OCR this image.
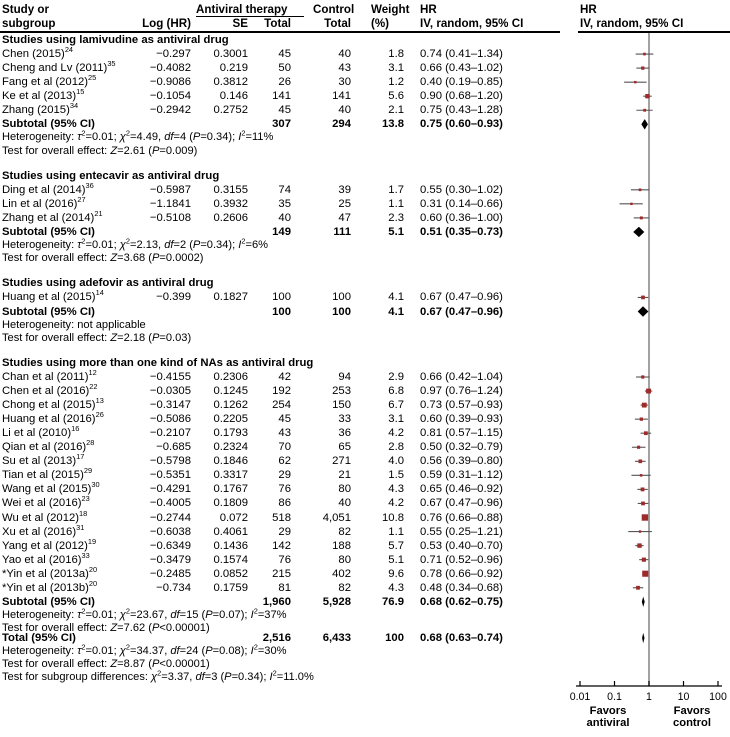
Study or
subgroup	Log (HR)
Antiviral therapy
SE	Total
Control
Total
Weight
(%)
HR
IV, random, 95% CI
HR
IV, random, 95% CI
Studies using lamivudine as antiviral drug
Chen $(2015)^{24}$	−0.297	0.3001	45	40	1.8 0.74 (0.41–1.34)
Cheng and Lv $(2011)^{35}$	−0.4082	0.219	50	43	3.1 0.66 (0.43–1.02)
Fang et al $(2012)^{25}$	−0.9086	0.3812	26	30	1.2 0.40 (0.19–0.85)
Ke et al $(2013)^{15}$	−0.1054	0.146	141	141	5.6 0.90 (0.68–1.20)
Zhang $(2015)^{34}$	−0.2942	0.2752	45	40	2.1 0.75 (0.43–1.28)
Subtotal (95% CI)	307	294	13.8 0.75 (0.60–0.93)
Heterogeneity: $\tau^2=0.01$; $\chi^2=4.49$, df=4 (P=0.34); $I^2=11\%$
Test for overall effect: Z=2.61 (P=0.009)
Studies using entecavir as antiviral drug
Ding et al $(2014)^{36}$	−0.5987	0.3155	74	39	1.7 0.55 (0.30–1.02)
Lin et al $(2016)^{27}$	−1.1841	0.3932	35	25	1.1 0.31 (0.14–0.66)
Zhang et al $(2014)^{21}$	−0.5108	0.2606	40	47	2.3 0.60 (0.36–1.00)
Subtotal (95% CI)	149	111	5.1 0.51 (0.35–0.73)
Heterogeneity: $\tau^2=0.01$; $\chi^2=2.13$, df=2 (P=0.34); $I^2=6\%$
Test for overall effect: Z=3.68 (P=0.0002)
Studies using adefovir as antiviral drug
Huang et al $(2015)^{14}$	−0.399	0.1827	100	100	4.1 0.67 (0.47–0.96)
Subtotal (95% CI)	100	100	4.1 0.67 (0.47–0.96)
Heterogeneity: not applicable
Test for overall effect: Z=2.18 (P=0.03)
Studies using more than one kind of NAs as antiviral drug
Chan et al $(2011)^{12}$	−0.4155	0.2306	42	94	2.9 0.66 (0.42–1.04)
Chen et al $(2016)^{22}$	−0.0305	0.1245	192	253	6.8 0.97 (0.76–1.24)
Chong et al $(2015)^{13}$	−0.3147	0.1262	254	150	6.7 0.73 (0.57–0.93)
Huang et al $(2016)^{26}$	−0.5086	0.2205	45	33	3.1 0.60 (0.39–0.93)
Li et al $(2010)^{16}$	−0.2107	0.1793	43	36	4.2 0.81 (0.57–1.15)
Qian et al $(2016)^{28}$	−0.685	0.2324	70	65	2.8 0.50 (0.32–0.79)
Su et al $(2013)^{17}$	−0.5798	0.1846	62	271	4.0 0.56 (0.39–0.80)
Tian et al $(2015)^{29}$	−0.5351	0.3317	29	21	1.5 0.59 (0.31–1.12)
Wang et al $(2015)^{30}$	−0.4291	0.1767	76	80	4.3 0.65 (0.46–0.92)
Wei et al $(2016)^{23}$	−0.4005	0.1809	86	40	4.2 0.67 (0.47–0.96)
Wu et al $(2012)^{18}$	−0.2744	0.072	518	4,051	10.8 0.76 (0.66–0.88)
Xu et al $(2016)^{31}$	−0.6038	0.4061	29	82	1.1 0.55 (0.25–1.21)
Yang et al $(2012)^{19}$	−0.6349	0.1436	142	188	5.7 0.53 (0.40–0.70)
Yao et al $(2016)^{33}$	−0.3479	0.1574	76	80	5.1 0.71 (0.52–0.96)
*Yin et al $(2013a)^{20}$	−0.2485	0.0852	215	402	9.6 0.78 (0.66–0.92)
*Yin et al $(2013b)^{20}$	−0.734	0.1759	81	82	4.3 0.48 (0.34–0.68)
Subtotal (95% CI)	1,960	5,928	76.9 0.68 (0.62–0.75)
Heterogeneity: $\tau^2=0.01$; $\chi^2=23.67$, df=15 (P=0.07); $I^2=37\%$
Test for overall effect: Z=7.62 (P<0.00001)
Total (95% CI)	2,516	6,433	100 0.68 (0.63–0.74)
Heterogeneity: $\tau^2=0.01$; $\chi^2=34.37$, df=24 (P=0.08); $I^2=30\%$
Test for overall effect: Z=8.87 (P<0.00001)
Test for subgroup differences: $\chi^2=3.37$, df=3 (P=0.34); $I^2=11.0\%$
0.01	0.1	1	10	100
Favors
antiviral
Favors
control
